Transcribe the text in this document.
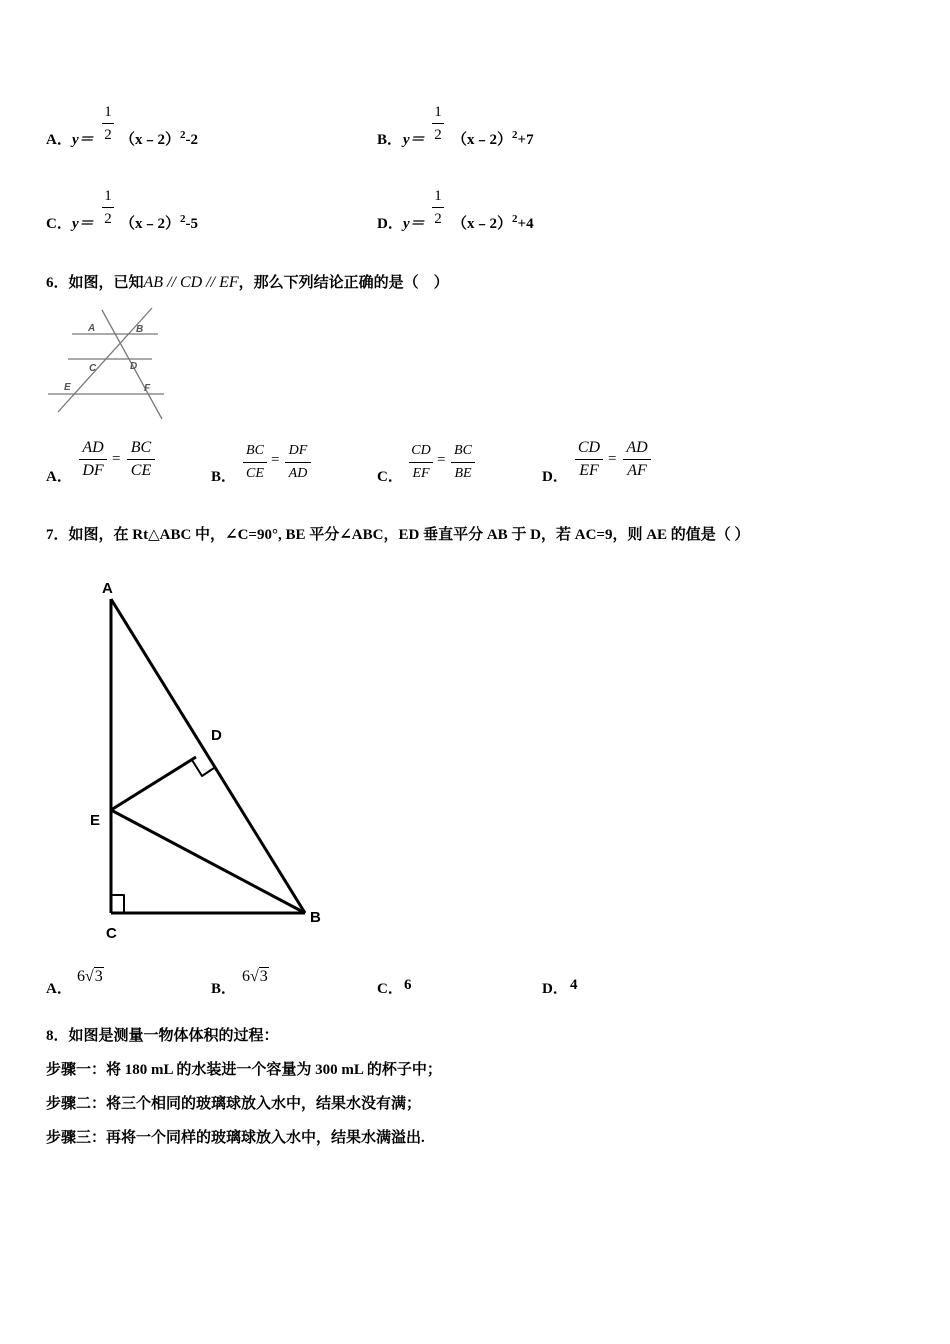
A． y＝
1
2 （x﹣2）$^2$-2	B． y＝
1
2 （x﹣2）$^2$+7
C． y＝
1
2 （x﹣2）$^2$-5	D． y＝
1
2 （x﹣2）$^2$+4
6．如图，已知AB // CD // EF，那么下列结论正确的是（　）
A	B
C	D
E	F
A．
AD
DF
=
BC
CE	B．
BC
CE
=
DF
AD	C．
CD
EF
=
BC
BE	D．
CD
EF
=
AD
AF
7．如图，在 Rt△ABC 中，∠C=90°, BE 平分∠ABC，ED 垂直平分 AB 于 D，若 AC=9，则 AE 的值是（ ）
A
D
E
C
B
A．
6√3
B．
6√3
C． 6	D． 4
8．如图是测量一物体体积的过程：
步骤一：将 180 mL 的水装进一个容量为 300 mL 的杯子中；
步骤二：将三个相同的玻璃球放入水中，结果水没有满；
步骤三：再将一个同样的玻璃球放入水中，结果水满溢出.
